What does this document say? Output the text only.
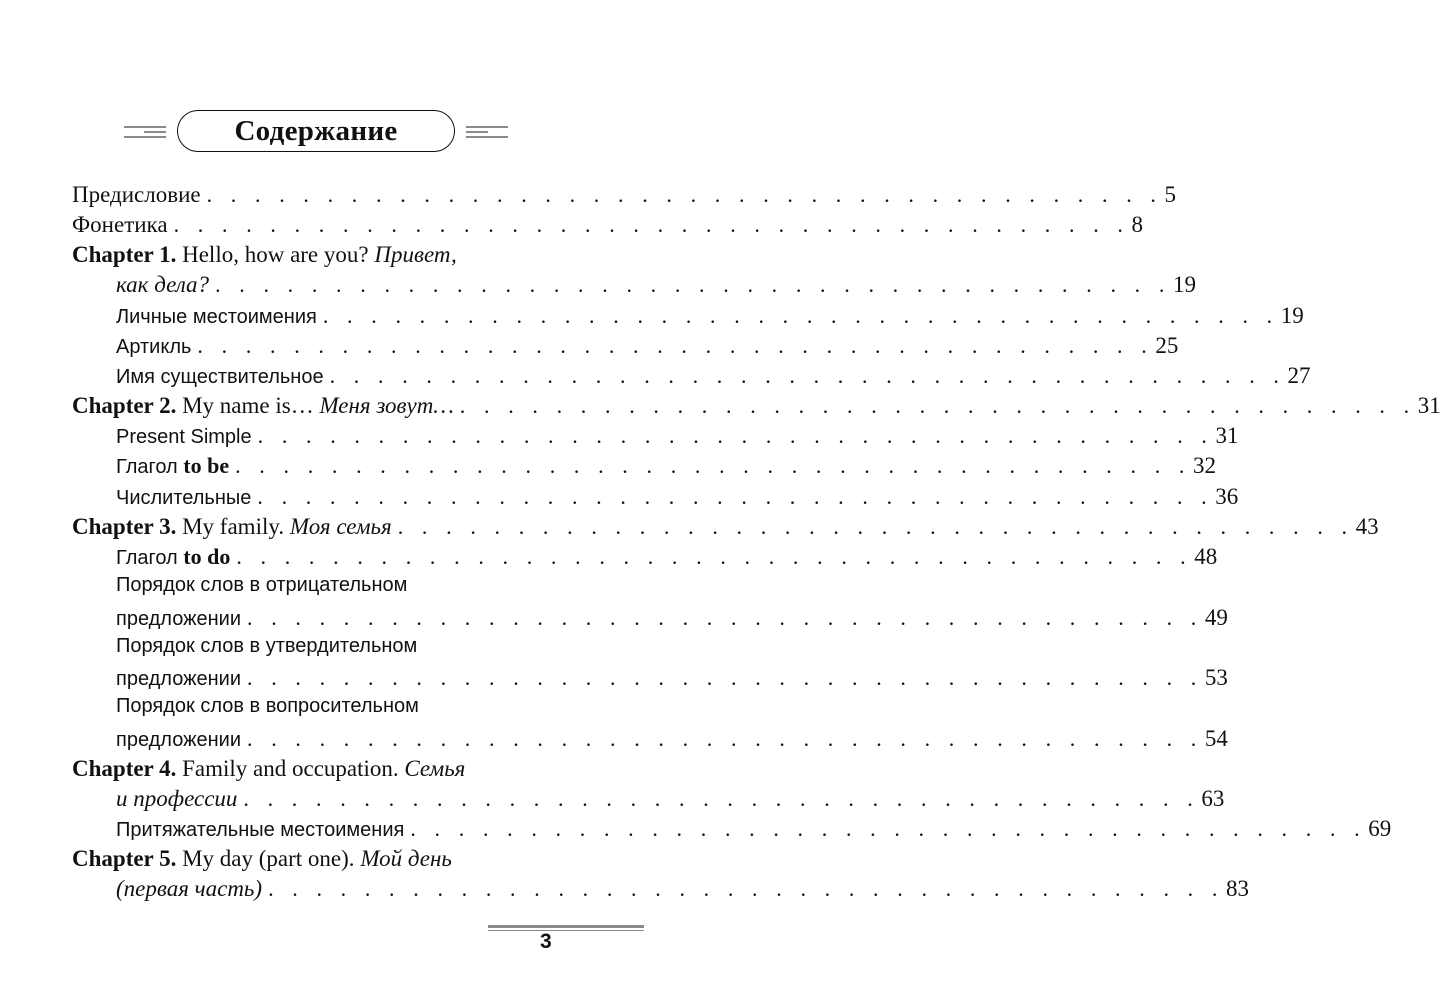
Содержание
Предисловие . . . . . . . . . . . . . . . . . . . . . . . . . . . . . . . . . . . . . . . . 5
Фонетика . . . . . . . . . . . . . . . . . . . . . . . . . . . . . . . . . . . . . . . . 8
Chapter 1. Hello, how are you? Привет,
как дела? . . . . . . . . . . . . . . . . . . . . . . . . . . . . . . . . . . . . . . . . 19
Личные местоимения . . . . . . . . . . . . . . . . . . . . . . . . . . . . . . . . . . . . . . . . 19
Артикль . . . . . . . . . . . . . . . . . . . . . . . . . . . . . . . . . . . . . . . . 25
Имя существительное . . . . . . . . . . . . . . . . . . . . . . . . . . . . . . . . . . . . . . . . 27
Chapter 2. My name is… Меня зовут… . . . . . . . . . . . . . . . . . . . . . . . . . . . . . . . . . . . . . . . . 31
Present Simple . . . . . . . . . . . . . . . . . . . . . . . . . . . . . . . . . . . . . . . . 31
Глагол to be . . . . . . . . . . . . . . . . . . . . . . . . . . . . . . . . . . . . . . . . 32
Числительные . . . . . . . . . . . . . . . . . . . . . . . . . . . . . . . . . . . . . . . . 36
Chapter 3. My family. Моя семья . . . . . . . . . . . . . . . . . . . . . . . . . . . . . . . . . . . . . . . . 43
Глагол to do . . . . . . . . . . . . . . . . . . . . . . . . . . . . . . . . . . . . . . . . 48
Порядок слов в отрицательном
предложении . . . . . . . . . . . . . . . . . . . . . . . . . . . . . . . . . . . . . . . . 49
Порядок слов в утвердительном
предложении . . . . . . . . . . . . . . . . . . . . . . . . . . . . . . . . . . . . . . . . 53
Порядок слов в вопросительном
предложении . . . . . . . . . . . . . . . . . . . . . . . . . . . . . . . . . . . . . . . . 54
Chapter 4. Family and occupation. Семья
и профессии . . . . . . . . . . . . . . . . . . . . . . . . . . . . . . . . . . . . . . . . 63
Притяжательные местоимения . . . . . . . . . . . . . . . . . . . . . . . . . . . . . . . . . . . . . . . . 69
Chapter 5. My day (part one). Мой день
(первая часть) . . . . . . . . . . . . . . . . . . . . . . . . . . . . . . . . . . . . . . . . 83
3
